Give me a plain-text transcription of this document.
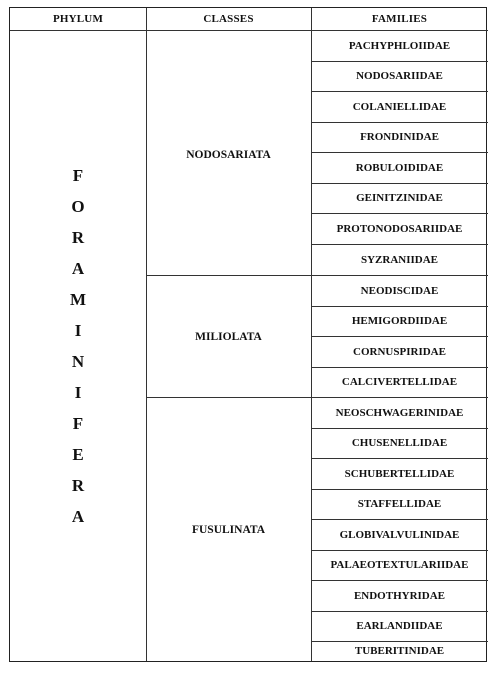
PHYLUM	CLASSES	FAMILIES
F
O
R
A
M
I
N
I
F
E
R
A
NODOSARIATA
MILIOLATA
FUSULINATA
PACHYPHLOIIDAE
NODOSARIIDAE
COLANIELLIDAE
FRONDINIDAE
ROBULOIDIDAE
GEINITZINIDAE
PROTONODOSARIIDAE
SYZRANIIDAE
NEODISCIDAE
HEMIGORDIIDAE
CORNUSPIRIDAE
CALCIVERTELLIDAE
NEOSCHWAGERINIDAE
CHUSENELLIDAE
SCHUBERTELLIDAE
STAFFELLIDAE
GLOBIVALVULINIDAE
PALAEOTEXTULARIIDAE
ENDOTHYRIDAE
EARLANDIIDAE
TUBERITINIDAE
